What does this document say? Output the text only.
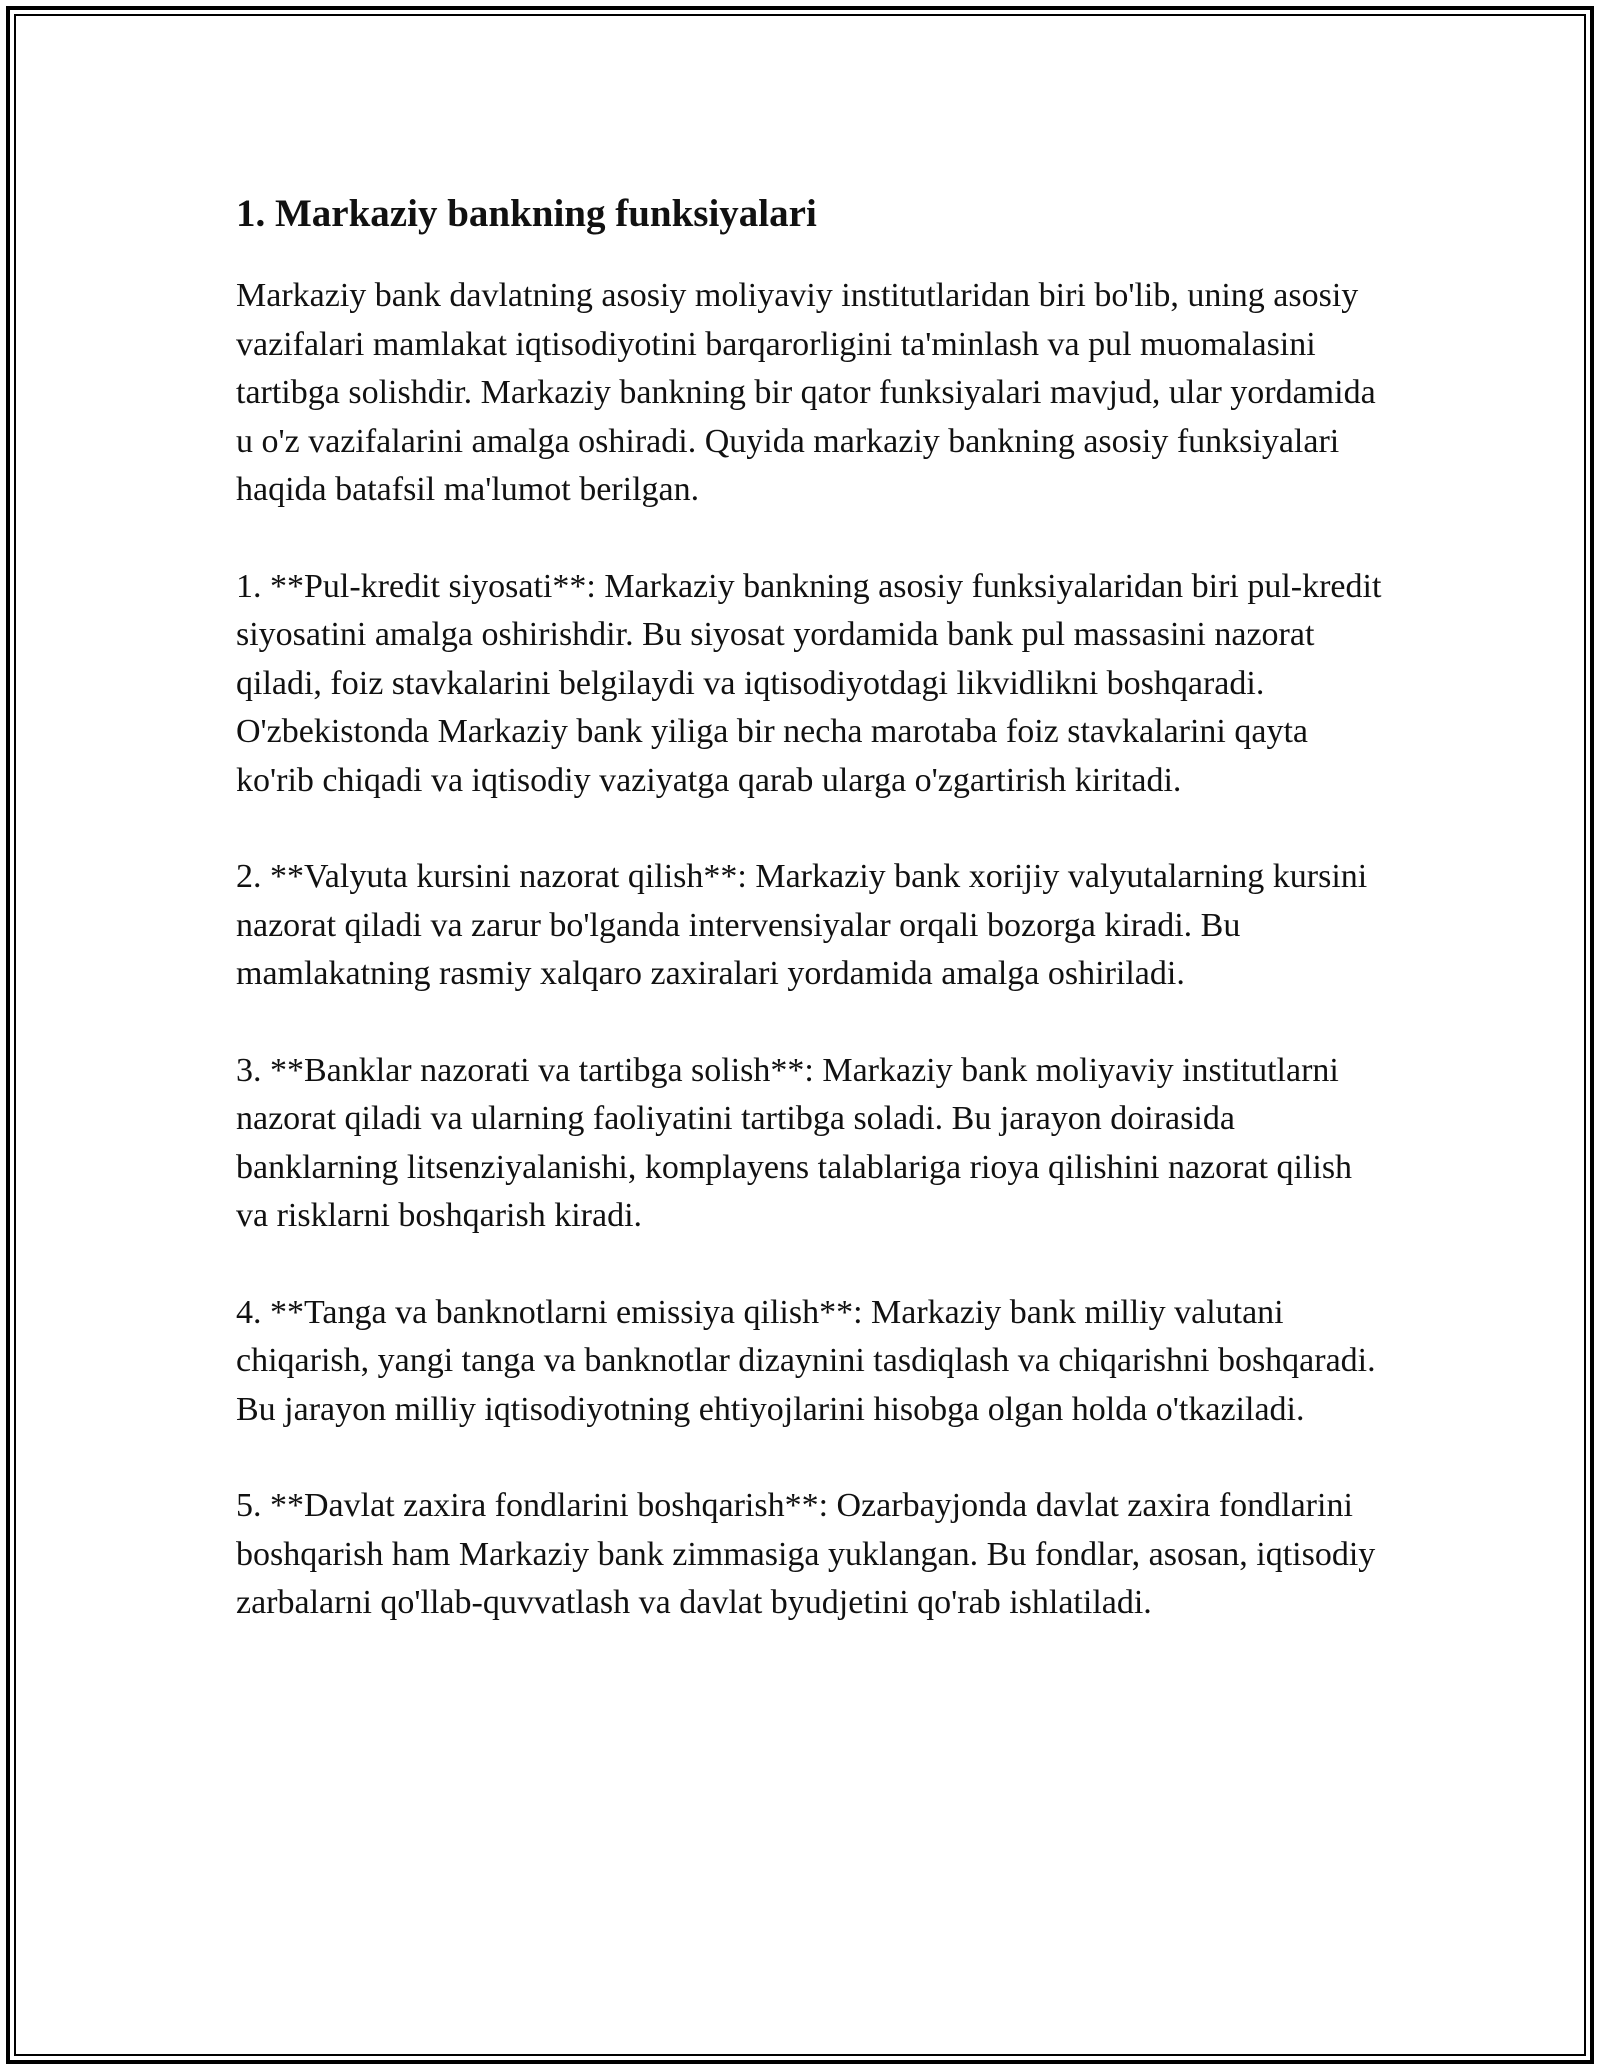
1. Markaziy bankning funksiyalari

Markaziy bank davlatning asosiy moliyaviy institutlaridan biri bo'lib, uning asosiy vazifalari mamlakat iqtisodiyotini barqarorligini ta'minlash va pul muomalasini tartibga solishdir. Markaziy bankning bir qator funksiyalari mavjud, ular yordamida u o'z vazifalarini amalga oshiradi. Quyida markaziy bankning asosiy funksiyalari haqida batafsil ma'lumot berilgan.

1. **Pul-kredit siyosati**: Markaziy bankning asosiy funksiyalaridan biri pul-kredit siyosatini amalga oshirishdir. Bu siyosat yordamida bank pul massasini nazorat qiladi, foiz stavkalarini belgilaydi va iqtisodiyotdagi likvidlikni boshqaradi. O'zbekistonda Markaziy bank yiliga bir necha marotaba foiz stavkalarini qayta ko'rib chiqadi va iqtisodiy vaziyatga qarab ularga o'zgartirish kiritadi.

2. **Valyuta kursini nazorat qilish**: Markaziy bank xorijiy valyutalarning kursini nazorat qiladi va zarur bo'lganda intervensiyalar orqali bozorga kiradi. Bu mamlakatning rasmiy xalqaro zaxiralari yordamida amalga oshiriladi.

3. **Banklar nazorati va tartibga solish**: Markaziy bank moliyaviy institutlarni nazorat qiladi va ularning faoliyatini tartibga soladi. Bu jarayon doirasida banklarning litsenziyalanishi, komplayens talablariga rioya qilishini nazorat qilish va risklarni boshqarish kiradi.

4. **Tanga va banknotlarni emissiya qilish**: Markaziy bank milliy valutani chiqarish, yangi tanga va banknotlar dizaynini tasdiqlash va chiqarishni boshqaradi. Bu jarayon milliy iqtisodiyotning ehtiyojlarini hisobga olgan holda o'tkaziladi.

5. **Davlat zaxira fondlarini boshqarish**: Ozarbayjonda davlat zaxira fondlarini boshqarish ham Markaziy bank zimmasiga yuklangan. Bu fondlar, asosan, iqtisodiy zarbalarni qo'llab-quvvatlash va davlat byudjetini qo'rab ishlatiladi.
